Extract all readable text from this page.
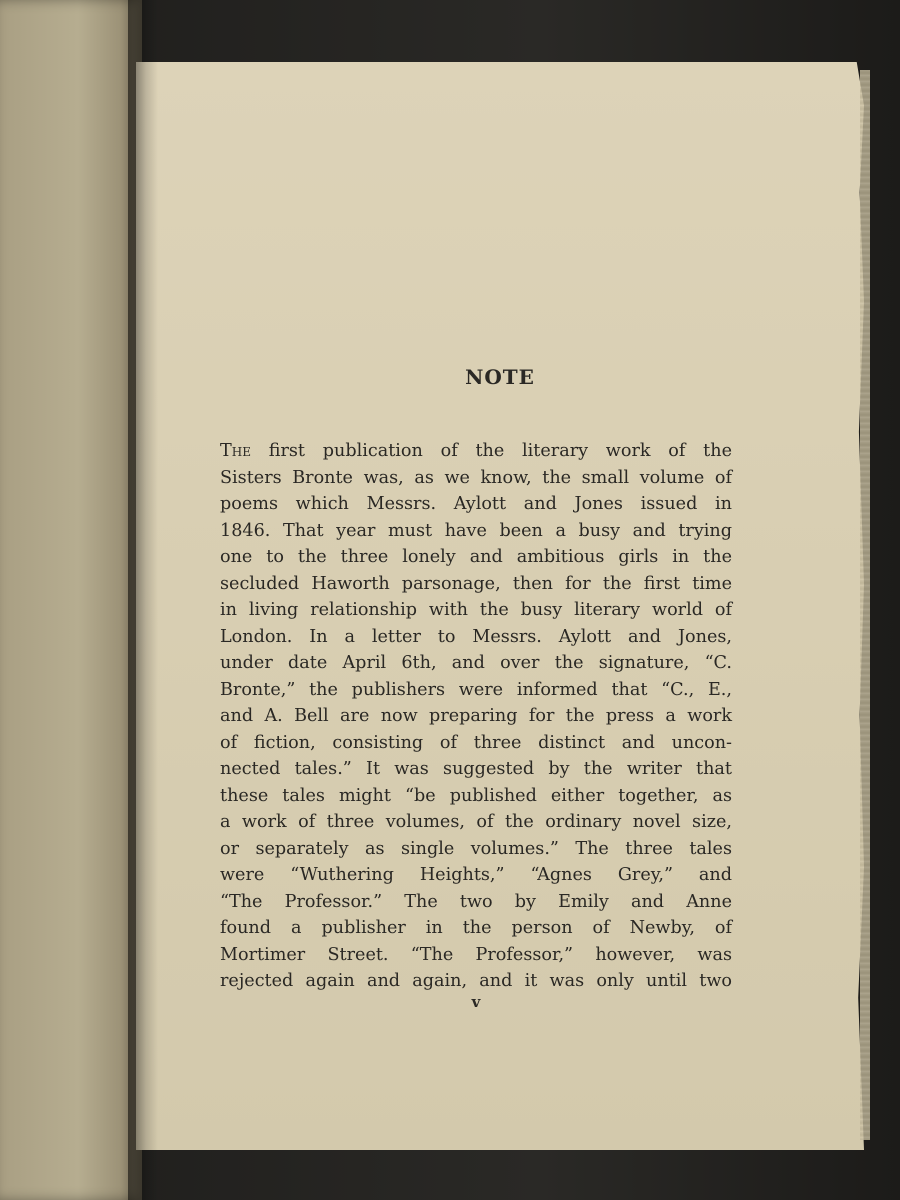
NOTE
The first publication of the literary work of the
Sisters Bronte was, as we know, the small volume of
poems which Messrs. Aylott and Jones issued in
1846. That year must have been a busy and trying
one to the three lonely and ambitious girls in the
secluded Haworth parsonage, then for the first time
in living relationship with the busy literary world of
London. In a letter to Messrs. Aylott and Jones,
under date April 6th, and over the signature, “C.
Bronte,” the publishers were informed that “C., E.,
and A. Bell are now preparing for the press a work
of fiction, consisting of three distinct and uncon-
nected tales.” It was suggested by the writer that
these tales might “be published either together, as
a work of three volumes, of the ordinary novel size,
or separately as single volumes.” The three tales
were “Wuthering Heights,” “Agnes Grey,” and
“The Professor.” The two by Emily and Anne
found a publisher in the person of Newby, of
Mortimer Street. “The Professor,” however, was
rejected again and again, and it was only until two
v
